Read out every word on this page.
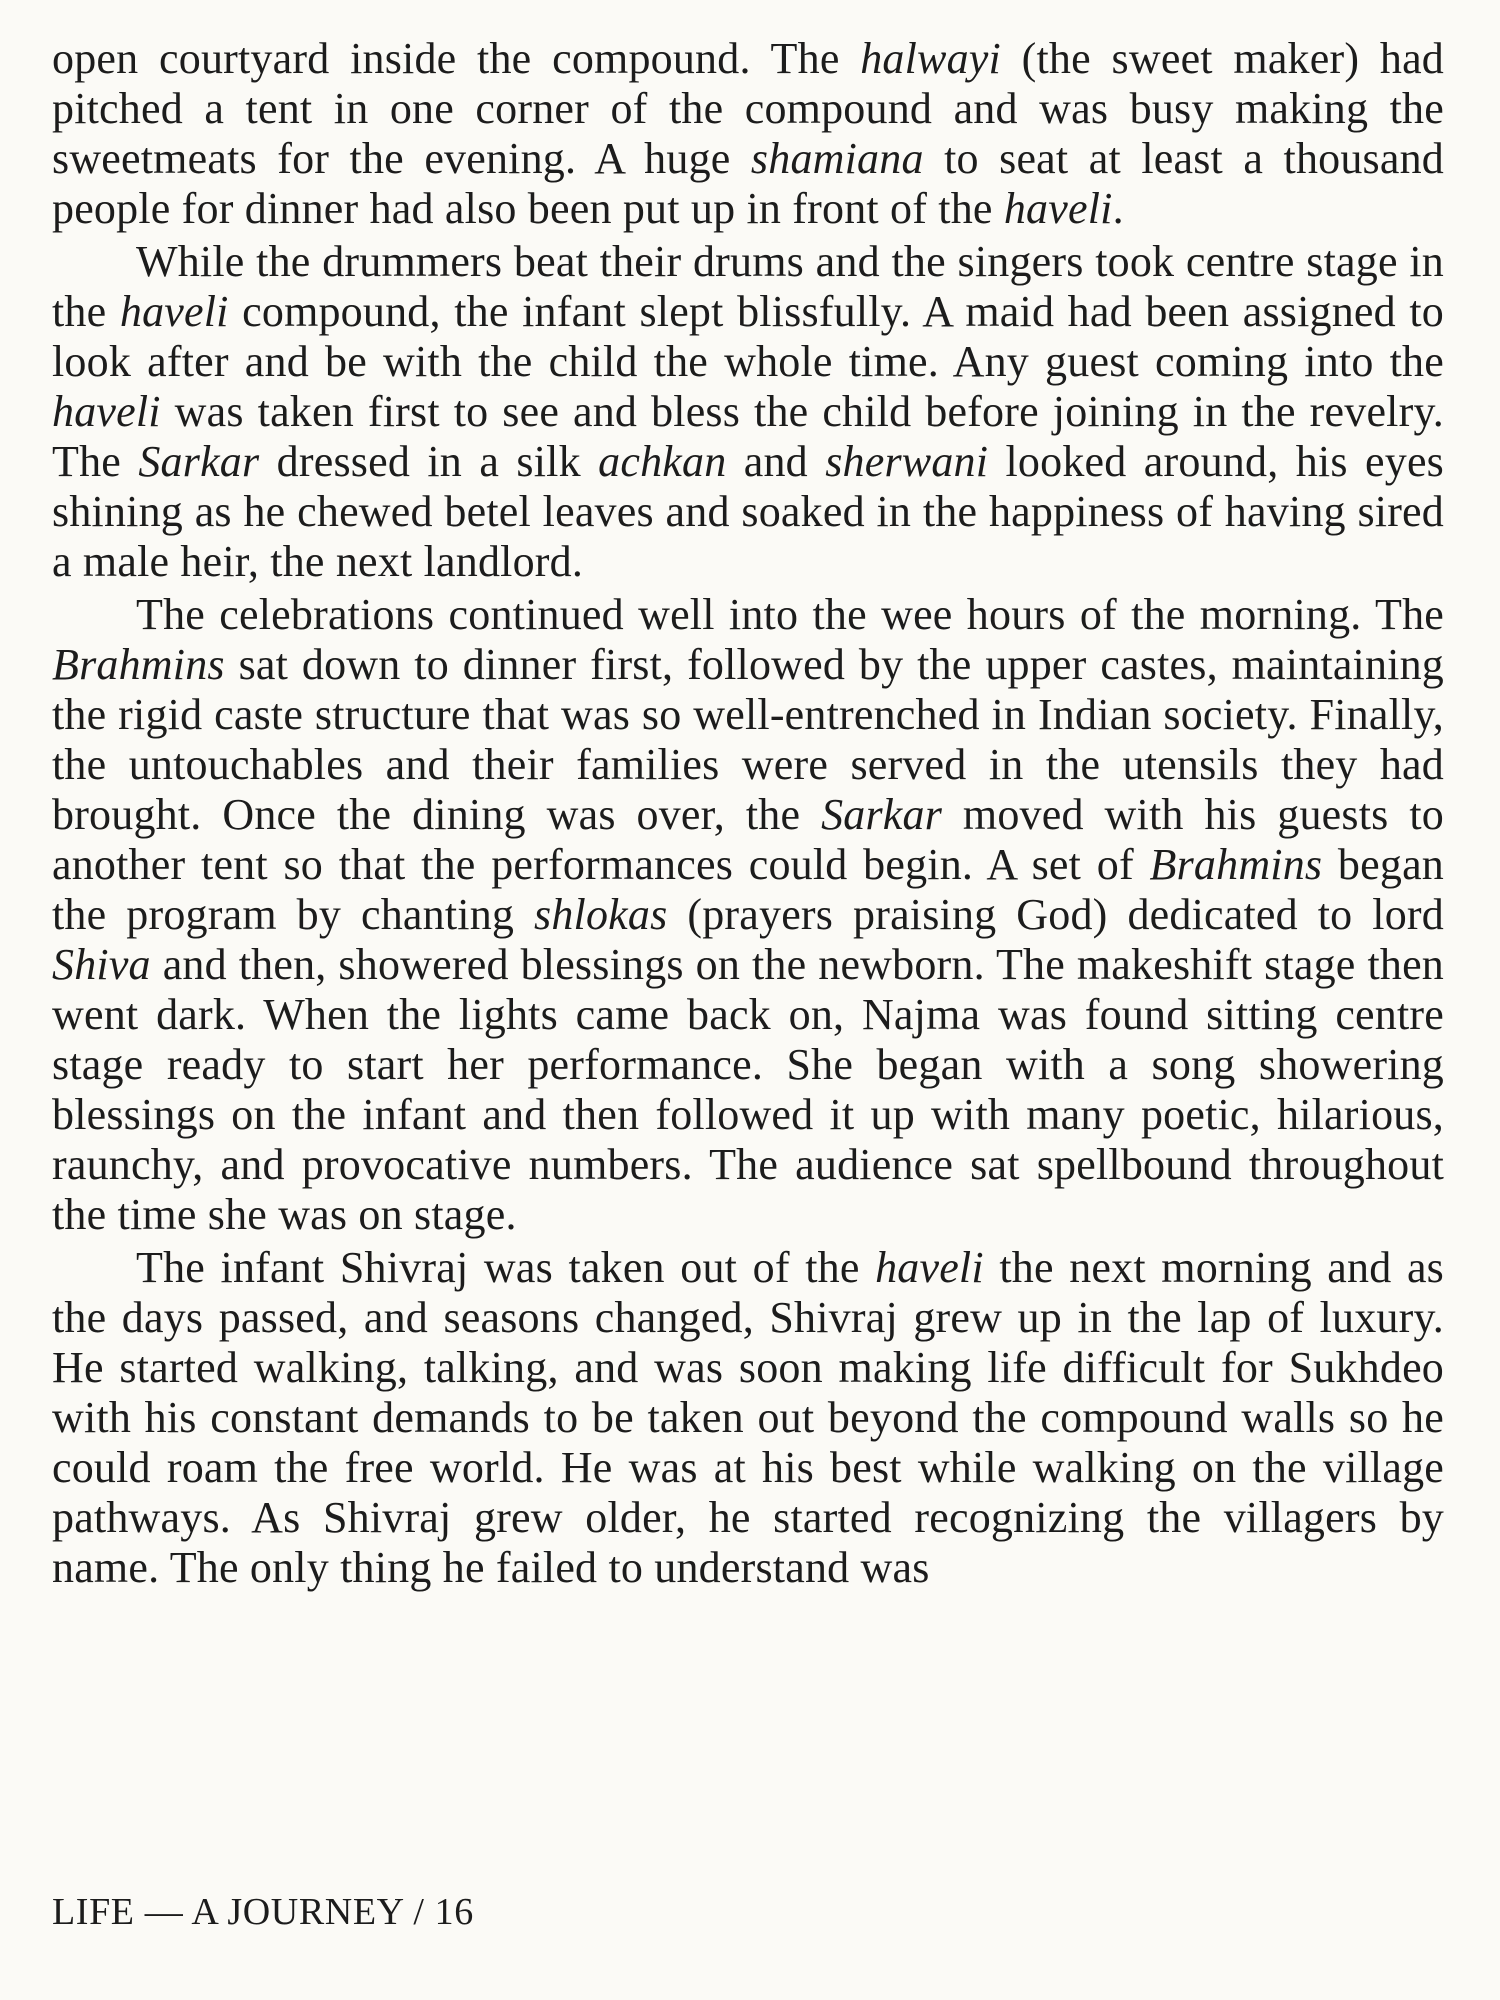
open courtyard inside the compound. The halwayi (the sweet maker) had pitched a tent in one corner of the compound and was busy making the sweetmeats for the evening. A huge shamiana to seat at least a thousand people for dinner had also been put up in front of the haveli.

While the drummers beat their drums and the singers took centre stage in the haveli compound, the infant slept blissfully. A maid had been assigned to look after and be with the child the whole time. Any guest coming into the haveli was taken first to see and bless the child before joining in the revelry. The Sarkar dressed in a silk achkan and sherwani looked around, his eyes shining as he chewed betel leaves and soaked in the happiness of having sired a male heir, the next landlord.

The celebrations continued well into the wee hours of the morning. The Brahmins sat down to dinner first, followed by the upper castes, maintaining the rigid caste structure that was so well-entrenched in Indian society. Finally, the untouchables and their families were served in the utensils they had brought. Once the dining was over, the Sarkar moved with his guests to another tent so that the performances could begin. A set of Brahmins began the program by chanting shlokas (prayers praising God) dedicated to lord Shiva and then, showered blessings on the newborn. The makeshift stage then went dark. When the lights came back on, Najma was found sitting centre stage ready to start her performance. She began with a song showering blessings on the infant and then followed it up with many poetic, hilarious, raunchy, and provocative numbers. The audience sat spellbound throughout the time she was on stage.

The infant Shivraj was taken out of the haveli the next morning and as the days passed, and seasons changed, Shivraj grew up in the lap of luxury. He started walking, talking, and was soon making life difficult for Sukhdeo with his constant demands to be taken out beyond the compound walls so he could roam the free world. He was at his best while walking on the village pathways. As Shivraj grew older, he started recognizing the villagers by name. The only thing he failed to understand was

LIFE — A JOURNEY / 16
